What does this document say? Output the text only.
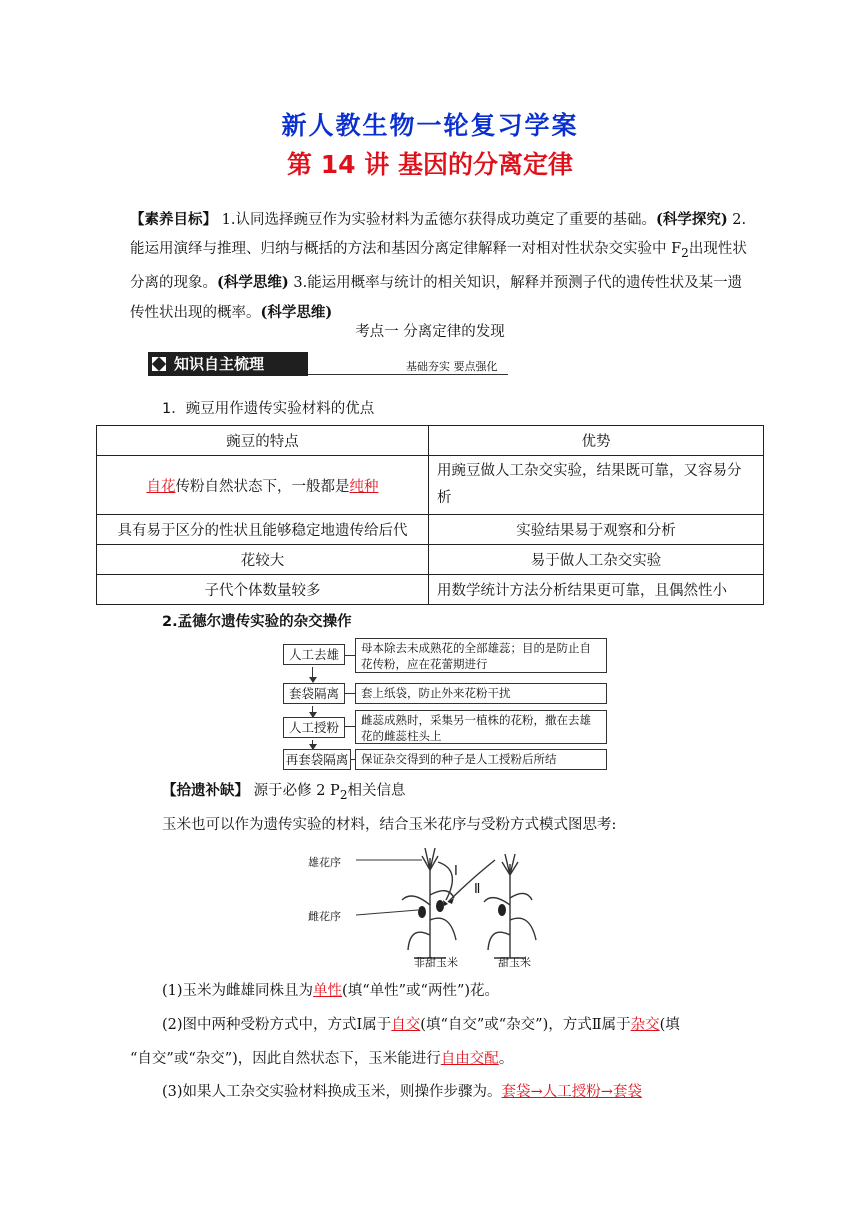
新人教生物一轮复习学案
第 14 讲 基因的分离定律
【素养目标】 1.认同选择豌豆作为实验材料为孟德尔获得成功奠定了重要的基础。(科学探究) 2.能运用演绎与推理、归纳与概括的方法和基因分离定律解释一对相对性状杂交实验中 $F_2$出现性状分离的现象。(科学思维) 3.能运用概率与统计的相关知识，解释并预测子代的遗传性状及某一遗传性状出现的概率。(科学思维)
考点一 分离定律的发现
知识自主梳理	基础夯实 要点强化
1．豌豆用作遗传实验材料的优点
豌豆的特点	优势
自花传粉自然状态下，一般都是纯种	用豌豆做人工杂交实验，结果既可靠，又容易分析
具有易于区分的性状且能够稳定地遗传给后代	实验结果易于观察和分析
花较大	易于做人工杂交实验
子代个体数量较多	用数学统计方法分析结果更可靠，且偶然性小
2.孟德尔遗传实验的杂交操作
人工去雄	母本除去未成熟花的全部雄蕊；目的是防止自花传粉，应在花蕾期进行
套袋隔离	套上纸袋，防止外来花粉干扰
人工授粉	雌蕊成熟时，采集另一植株的花粉，撒在去雄花的雌蕊柱头上
再套袋隔离	保证杂交得到的种子是人工授粉后所结
【拾遗补缺】 源于必修 2 $P_2$相关信息
玉米也可以作为遗传实验的材料，结合玉米花序与受粉方式模式图思考:
雄花序
雌花序
Ⅰ
Ⅱ
非甜玉米	甜玉米
(1)玉米为雌雄同株且为单性(填“单性”或“两性”)花。
(2)图中两种受粉方式中，方式Ⅰ属于自交(填“自交”或“杂交”)，方式Ⅱ属于杂交(填
“自交”或“杂交”)，因此自然状态下，玉米能进行自由交配。
(3)如果人工杂交实验材料换成玉米，则操作步骤为。套袋→人工授粉→套袋
